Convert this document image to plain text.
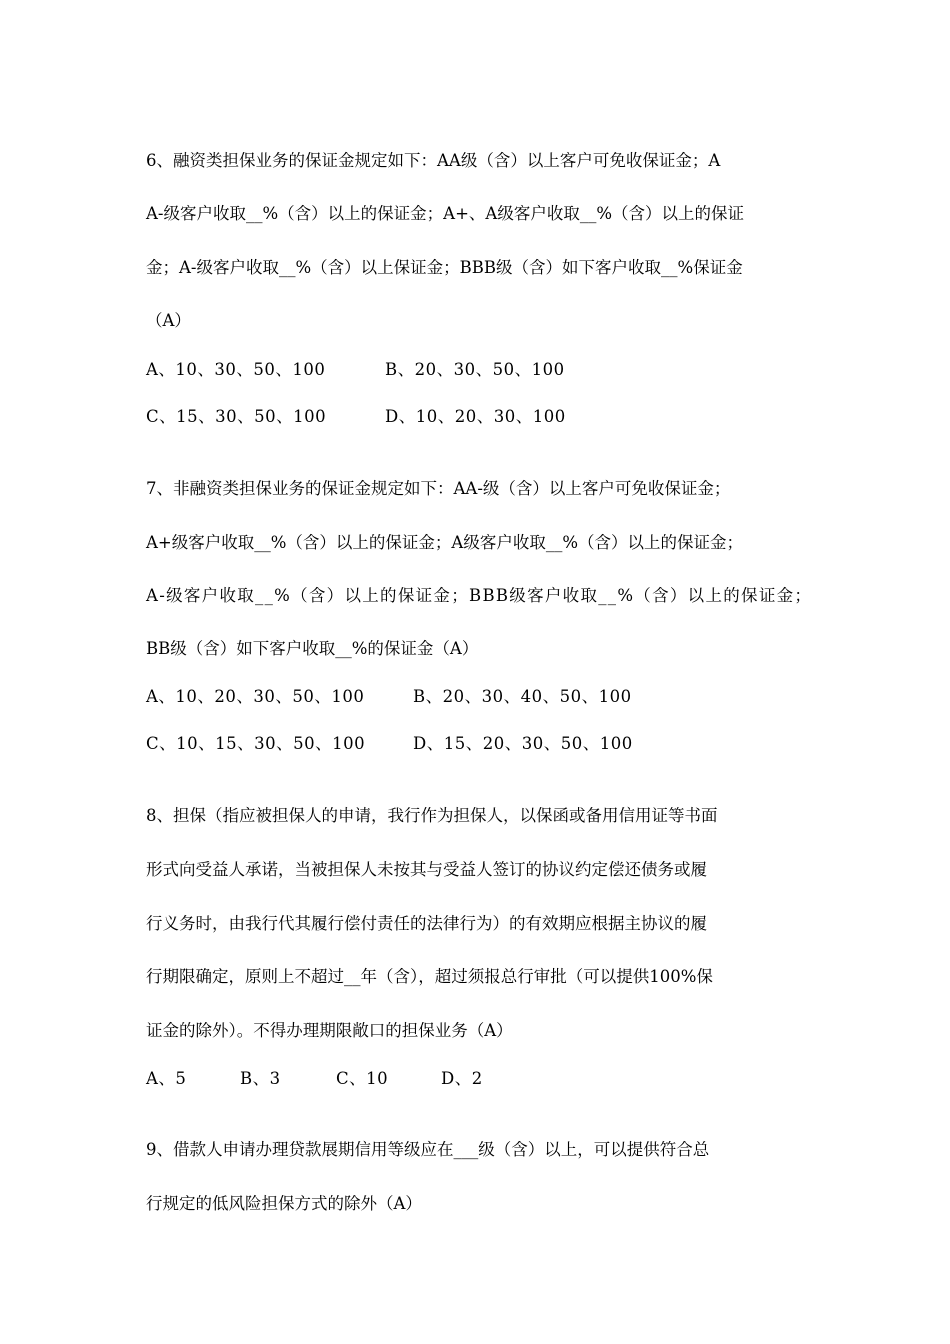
6、融资类担保业务的保证金规定如下：AA级（含）以上客户可免收保证金；A
A-级客户收取__%（含）以上的保证金；A+、A级客户收取__%（含）以上的保证
金；A-级客户收取__%（含）以上保证金；BBB级（含）如下客户收取__%保证金
（A）
A、10、30、50、100	B、20、30、50、100
C、15、30、50、100	D、10、20、30、100
7、非融资类担保业务的保证金规定如下：AA-级（含）以上客户可免收保证金；
A+级客户收取__%（含）以上的保证金；A级客户收取__%（含）以上的保证金；
A-级客户收取__%（含）以上的保证金；BBB级客户收取__%（含）以上的保证金；
BB级（含）如下客户收取__%的保证金（A）
A、10、20、30、50、100	B、20、30、40、50、100
C、10、15、30、50、100	D、15、20、30、50、100
8、担保（指应被担保人的申请，我行作为担保人，以保函或备用信用证等书面
形式向受益人承诺，当被担保人未按其与受益人签订的协议约定偿还债务或履
行义务时，由我行代其履行偿付责任的法律行为）的有效期应根据主协议的履
行期限确定，原则上不超过__年（含），超过须报总行审批（可以提供100%保
证金的除外）。不得办理期限敞口的担保业务（A）
A、5	B、3	C、10	D、2
9、借款人申请办理贷款展期信用等级应在___级（含）以上，可以提供符合总
行规定的低风险担保方式的除外（A）
